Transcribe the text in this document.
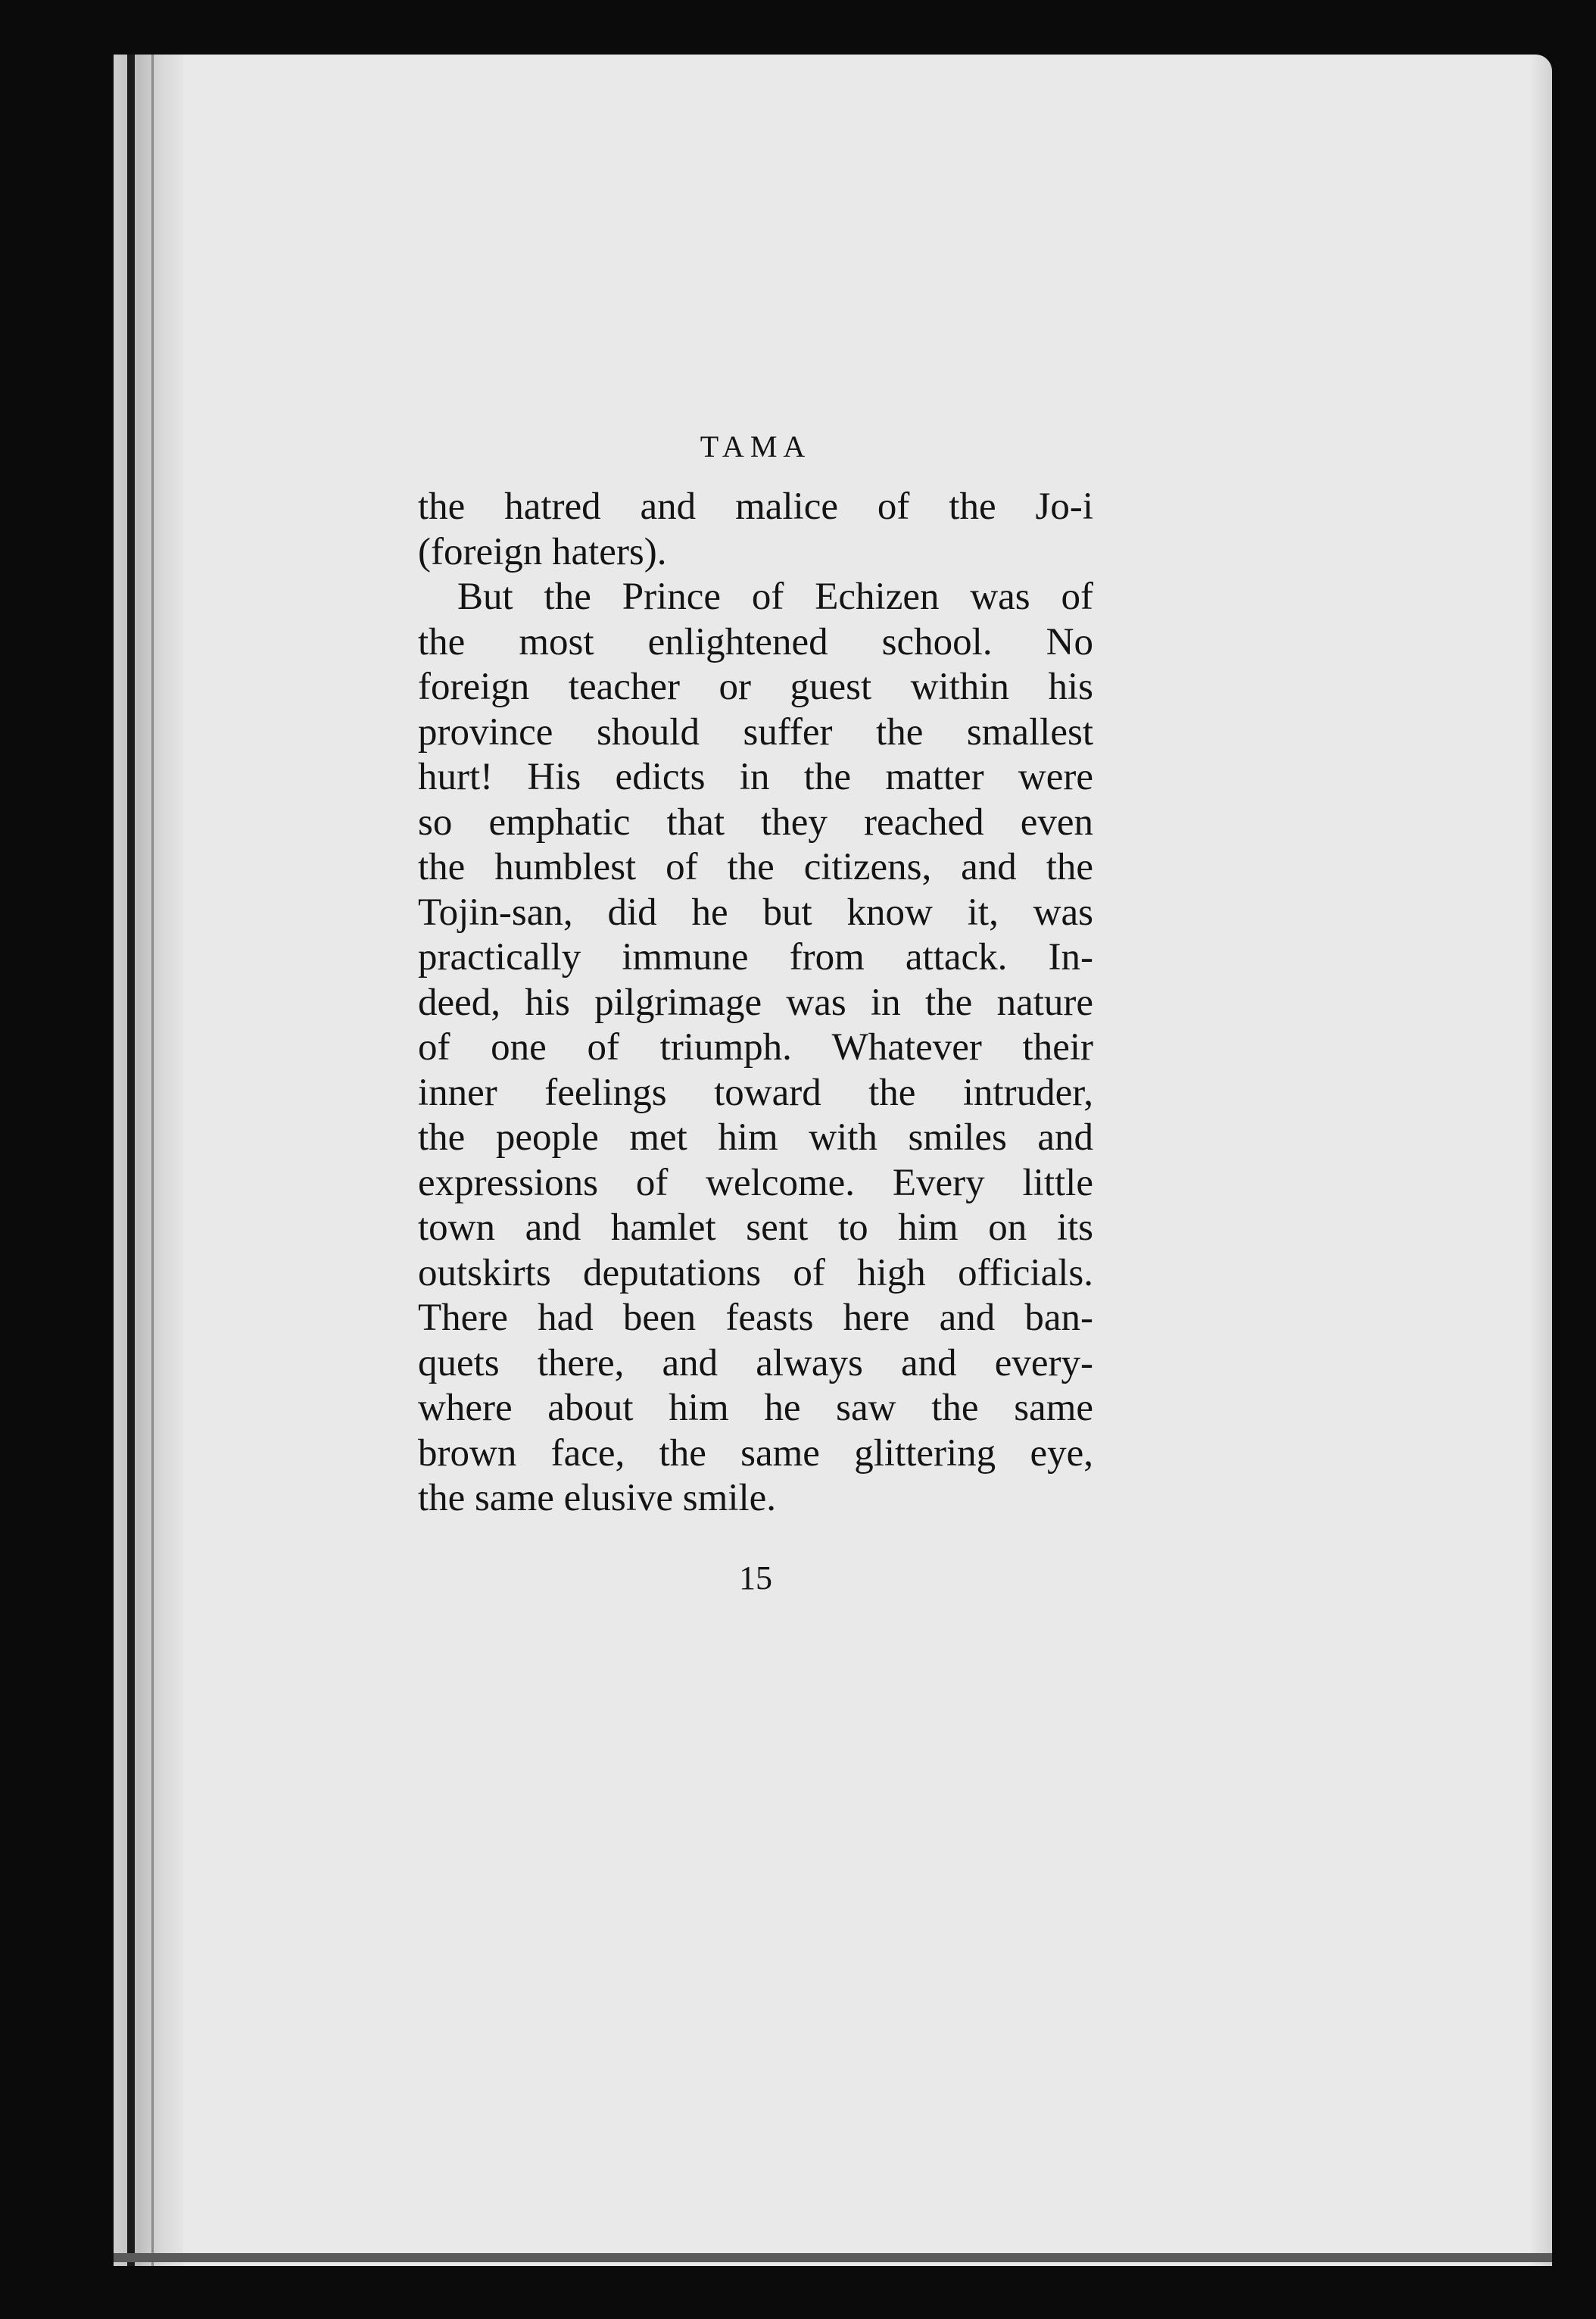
TAMA
the hatred and malice of the Jo-i
(foreign haters).
But the Prince of Echizen was of
the most enlightened school. No
foreign teacher or guest within his
province should suffer the smallest
hurt! His edicts in the matter were
so emphatic that they reached even
the humblest of the citizens, and the
Tojin-san, did he but know it, was
practically immune from attack. In-
deed, his pilgrimage was in the nature
of one of triumph. Whatever their
inner feelings toward the intruder,
the people met him with smiles and
expressions of welcome. Every little
town and hamlet sent to him on its
outskirts deputations of high officials.
There had been feasts here and ban-
quets there, and always and every-
where about him he saw the same
brown face, the same glittering eye,
the same elusive smile.
15
